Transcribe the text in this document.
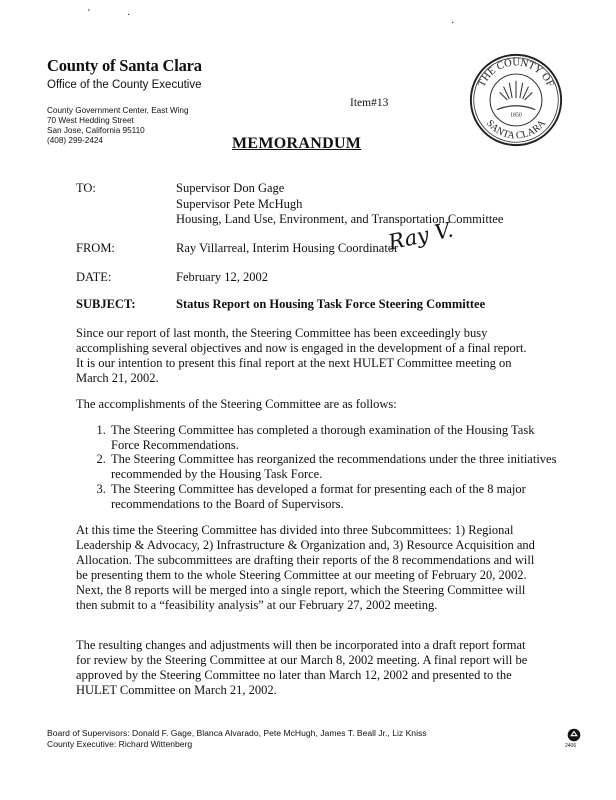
'	·
·
County of Santa Clara
Office of the County Executive
County Government Center, East Wing
70 West Hedding Street
San Jose, California 95110
(408) 299-2424
Item#13
MEMORANDUM
THE COUNTY OF
SANTA CLARA
1850
TO:	Supervisor Don Gage
Supervisor Pete McHugh
Housing, Land Use, Environment, and Transportation Committee
FROM:	Ray Villarreal, Interim Housing Coordinator
Ray V.
DATE:	February 12, 2002
SUBJECT:	Status Report on Housing Task Force Steering Committee
Since our report of last month, the Steering Committee has been exceedingly busy accomplishing several objectives and now is engaged in the development of a final report. It is our intention to present this final report at the next HULET Committee meeting on March 21, 2002.
The accomplishments of the Steering Committee are as follows:
1. The Steering Committee has completed a thorough examination of the Housing Task Force Recommendations.
2. The Steering Committee has reorganized the recommendations under the three initiatives recommended by the Housing Task Force.
3. The Steering Committee has developed a format for presenting each of the 8 major recommendations to the Board of Supervisors.
At this time the Steering Committee has divided into three Subcommittees: 1) Regional Leadership & Advocacy, 2) Infrastructure & Organization and, 3) Resource Acquisition and Allocation. The subcommittees are drafting their reports of the 8 recommendations and will be presenting them to the whole Steering Committee at our meeting of February 20, 2002. Next, the 8 reports will be merged into a single report, which the Steering Committee will then submit to a “feasibility analysis” at our February 27, 2002 meeting.
The resulting changes and adjustments will then be incorporated into a draft report format for review by the Steering Committee at our March 8, 2002 meeting. A final report will be approved by the Steering Committee no later than March 12, 2002 and presented to the HULET Committee on March 21, 2002.
Board of Supervisors: Donald F. Gage, Blanca Alvarado, Pete McHugh, James T. Beall Jr., Liz Kniss
County Executive: Richard Wittenberg	2406
